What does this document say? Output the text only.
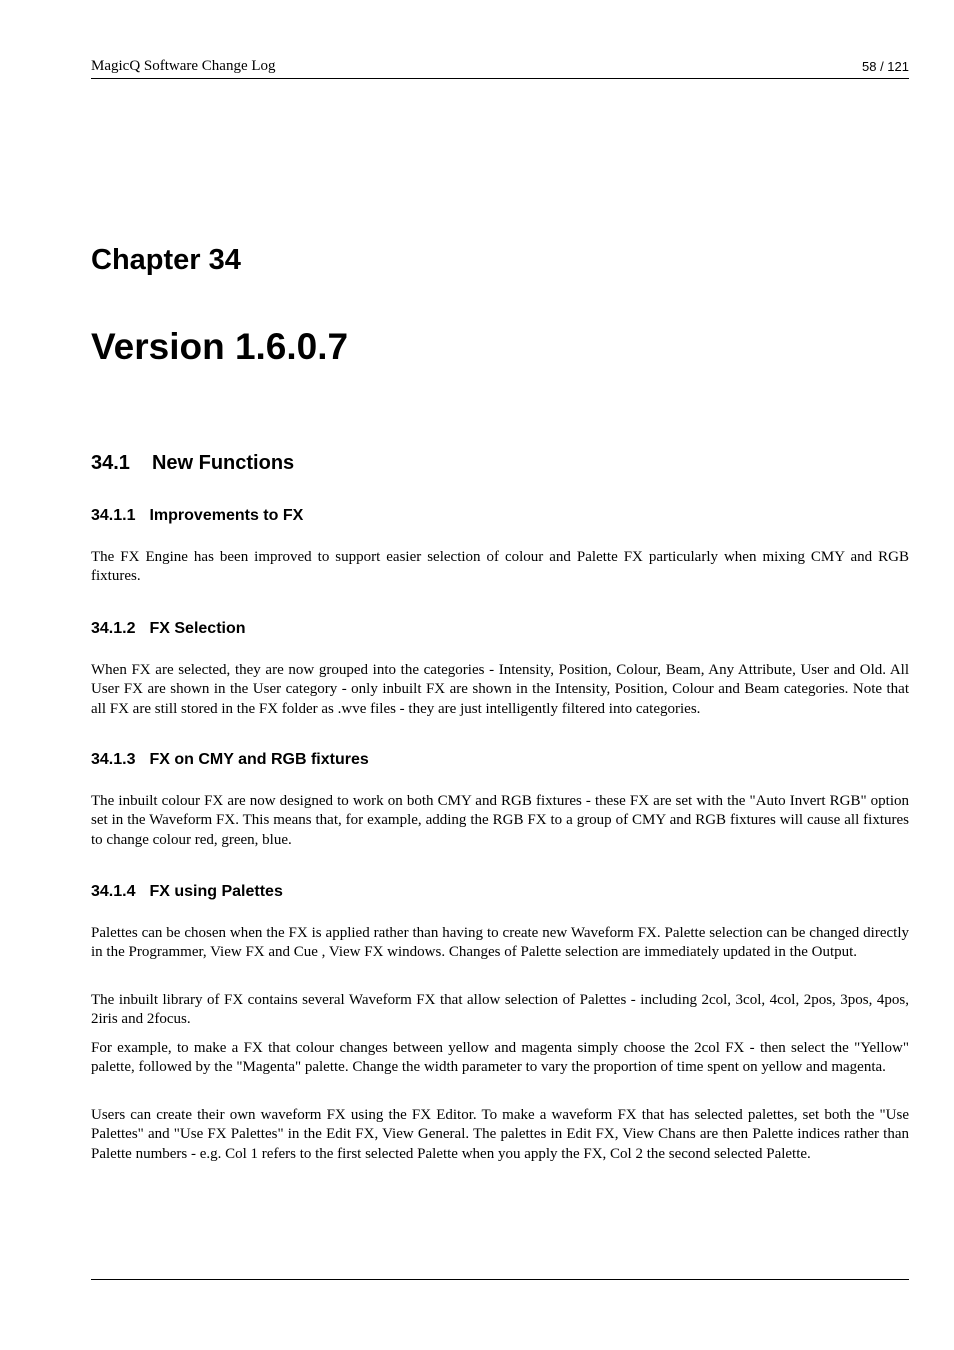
MagicQ Software Change Log	58 / 121
Chapter 34
Version 1.6.0.7
34.1 New Functions
34.1.1 Improvements to FX

The FX Engine has been improved to support easier selection of colour and Palette FX particularly when mixing CMY and RGB fixtures.

34.1.2 FX Selection

When FX are selected, they are now grouped into the categories - Intensity, Position, Colour, Beam, Any Attribute, User and Old. All User FX are shown in the User category - only inbuilt FX are shown in the Intensity, Position, Colour and Beam categories. Note that all FX are still stored in the FX folder as .wve files - they are just intelligently filtered into categories.

34.1.3 FX on CMY and RGB fixtures

The inbuilt colour FX are now designed to work on both CMY and RGB fixtures - these FX are set with the "Auto Invert RGB" option set in the Waveform FX. This means that, for example, adding the RGB FX to a group of CMY and RGB fixtures will cause all fixtures to change colour red, green, blue.

34.1.4 FX using Palettes

Palettes can be chosen when the FX is applied rather than having to create new Waveform FX. Palette selection can be changed directly in the Programmer, View FX and Cue , View FX windows. Changes of Palette selection are immediately updated in the Output.

The inbuilt library of FX contains several Waveform FX that allow selection of Palettes - including 2col, 3col, 4col, 2pos, 3pos, 4pos, 2iris and 2focus.

For example, to make a FX that colour changes between yellow and magenta simply choose the 2col FX - then select the "Yellow" palette, followed by the "Magenta" palette. Change the width parameter to vary the proportion of time spent on yellow and magenta.

Users can create their own waveform FX using the FX Editor. To make a waveform FX that has selected palettes, set both the "Use Palettes" and "Use FX Palettes" in the Edit FX, View General. The palettes in Edit FX, View Chans are then Palette indices rather than Palette numbers - e.g. Col 1 refers to the first selected Palette when you apply the FX, Col 2 the second selected Palette.
